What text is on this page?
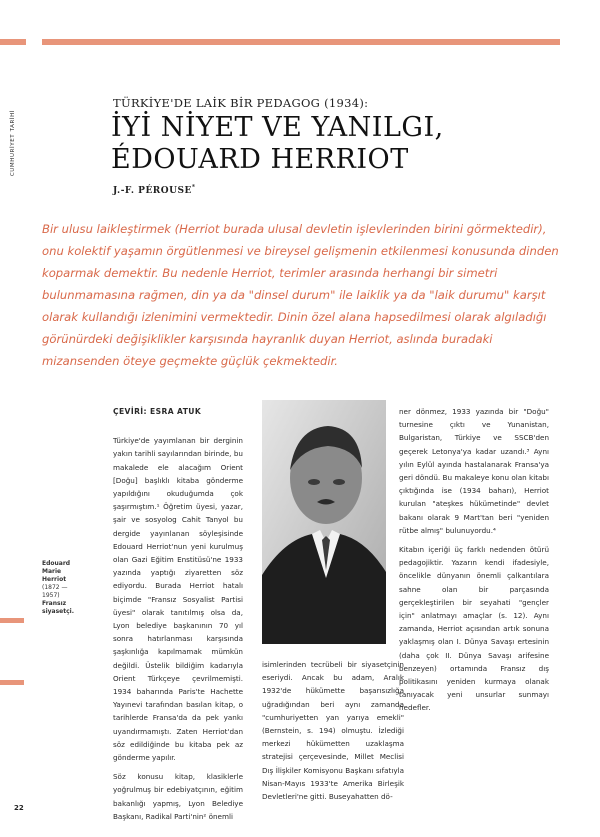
CUMHURİYET TARİHİ
TÜRKİYE'DE LAİK BİR PEDAGOG (1934):
İYİ NİYET VE YANILGI,
ÉDOUARD HERRIOT
J.-F. PÉROUSE*

Bir ulusu laikleştirmek (Herriot burada ulusal devletin işlevlerinden birini görmektedir), onu kolektif yaşamın örgütlenmesi ve bireysel gelişmenin etkilenmesi konusunda dinden koparmak demektir. Bu nedenle Herriot, terimler arasında herhangi bir simetri bulunmamasına rağmen, din ya da "dinsel durum" ile laiklik ya da "laik durumu" karşıt olarak kullandığı izlenimini vermektedir. Dinin özel alana hapsedilmesi olarak algıladığı görünürdeki değişiklikler karşısında hayranlık duyan Herriot, aslında buradaki mizansenden öteye geçmekte güçlük çekmektedir.

ÇEVİRİ: ESRA ATUK

Türkiye'de yayımlanan bir derginin yakın tarihli sayılarından birinde, bu makalede ele alacağım Orient [Doğu] başlıklı kitaba gönderme yapıldığını okuduğumda çok şaşırmıştım.¹ Öğretim üyesi, yazar, şair ve sosyolog Cahit Tanyol bu dergide yayınlanan söyleşisinde Edouard Herriot'nun yeni kurulmuş olan Gazi Eğitim Enstitüsü'ne 1933 yazında yaptığı ziyaretten söz ediyordu. Burada Herriot hatalı biçimde "Fransız Sosyalist Partisi üyesi" olarak tanıtılmış olsa da, Lyon belediye başkanının 70 yıl sonra hatırlanması karşısında şaşkınlığa kapılmamak mümkün değildi. Üstelik bildiğim kadarıyla Orient Türkçeye çevrilmemişti. 1934 baharında Paris'te Hachette Yayınevi tarafından basılan kitap, o tarihlerde Fransa'da da pek yankı uyandırmamıştı. Zaten Herriot'dan söz edildiğinde bu kitaba pek az gönderme yapılır.

Söz konusu kitap, klasiklerle yoğrulmuş bir edebiyatçının, eğitim bakanlığı yapmış, Lyon Belediye Başkanı, Radikal Parti'nin² önemli

Edouard Marie Herriot
(1872 — 1957)
Fransız siyasetçi.

isimlerinden tecrübeli bir siyasetçinin eseriydi. Ancak bu adam, Aralık 1932'de hükümette başarısızlığa uğradığından beri aynı zamanda "cumhuriyetten yan yarıya emekli" (Bernstein, s. 194) olmuştu. İzlediği merkezi hükümetten uzaklaşma stratejisi çerçevesinde, Millet Meclisi Dış İlişkiler Komisyonu Başkanı sıfatıyla Nisan-Mayıs 1933'te Amerika Birleşik Devletleri'ne gitti. Buseyahatten dö-

ner dönmez, 1933 yazında bir "Doğu" turnesine çıktı ve Yunanistan, Bulgaristan, Türkiye ve SSCB'den geçerek Letonya'ya kadar uzandı.³ Aynı yılın Eylül ayında hastalanarak Fransa'ya geri döndü. Bu makaleye konu olan kitabı çıktığında ise (1934 baharı), Herriot kurulan "ateşkes hükümetinde" devlet bakanı olarak 9 Mart'tan beri "yeniden rütbe almış" bulunuyordu.⁴

Kitabın içeriği üç farklı nedenden ötürü pedagojiktir. Yazarın kendi ifadesiyle, öncelikle dünyanın önemli çalkantılara sahne olan bir parçasında gerçekleştirilen bir seyahati "gençler için" anlatmayı amaçlar (s. 12). Aynı zamanda, Herriot açısından artık sonuna yaklaşmış olan I. Dünya Savaşı ertesinin (daha çok II. Dünya Savaşı arifesine benzeyen) ortamında Fransız dış politikasını yeniden kurmaya olanak tanıyacak yeni unsurlar sunmayı hedefler.

22
